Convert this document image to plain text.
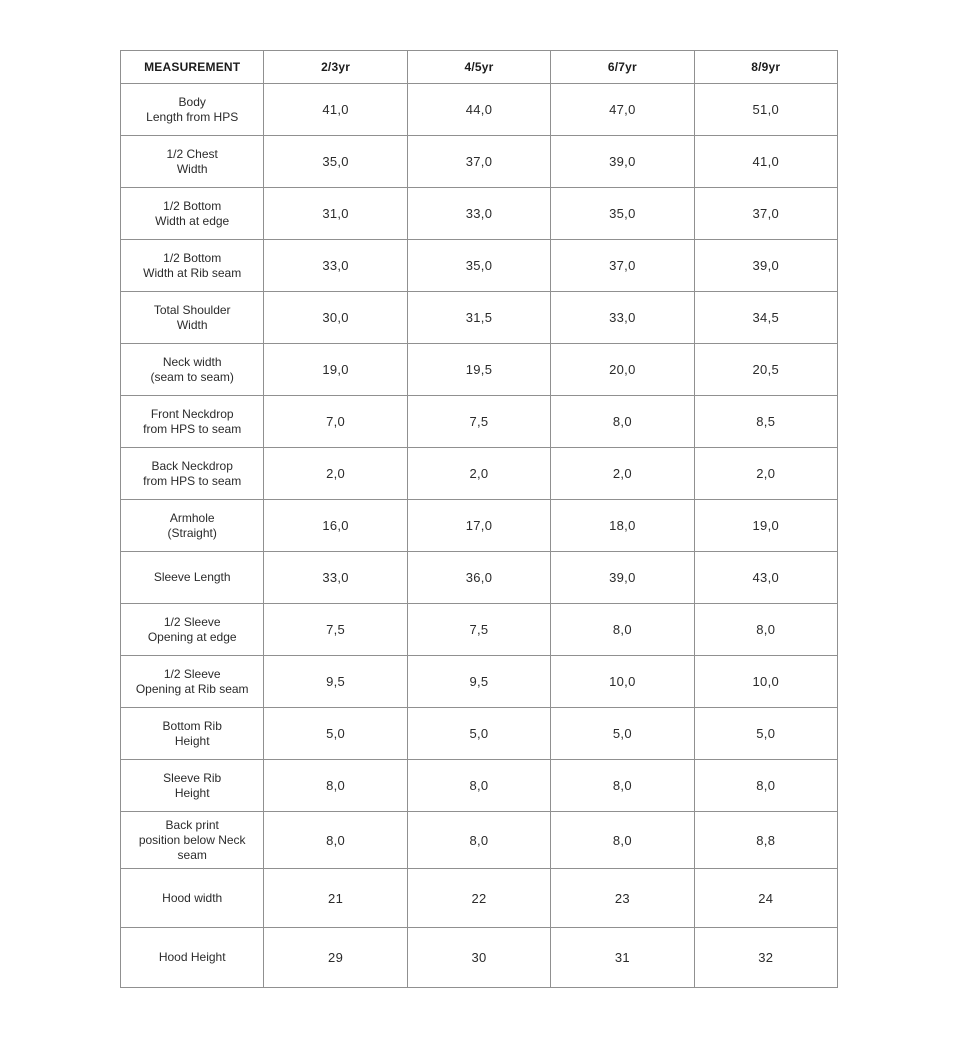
MEASUREMENT	2/3yr	4/5yr	6/7yr	8/9yr

Body
Length from HPS	41,0	44,0	47,0	51,0

1/2 Chest
Width	35,0	37,0	39,0	41,0

1/2 Bottom
Width at edge	31,0	33,0	35,0	37,0

1/2 Bottom
Width at Rib seam	33,0	35,0	37,0	39,0

Total Shoulder
Width	30,0	31,5	33,0	34,5

Neck width
(seam to seam)	19,0	19,5	20,0	20,5

Front Neckdrop
from HPS to seam	7,0	7,5	8,0	8,5

Back Neckdrop
from HPS to seam	2,0	2,0	2,0	2,0

Armhole
(Straight)	16,0	17,0	18,0	19,0

Sleeve Length	33,0	36,0	39,0	43,0

1/2 Sleeve
Opening at edge	7,5	7,5	8,0	8,0

1/2 Sleeve
Opening at Rib seam	9,5	9,5	10,0	10,0

Bottom Rib
Height	5,0	5,0	5,0	5,0

Sleeve Rib
Height	8,0	8,0	8,0	8,0

Back print
position below Neck seam	8,0	8,0	8,0	8,8

Hood width	21	22	23	24

Hood Height	29	30	31	32
